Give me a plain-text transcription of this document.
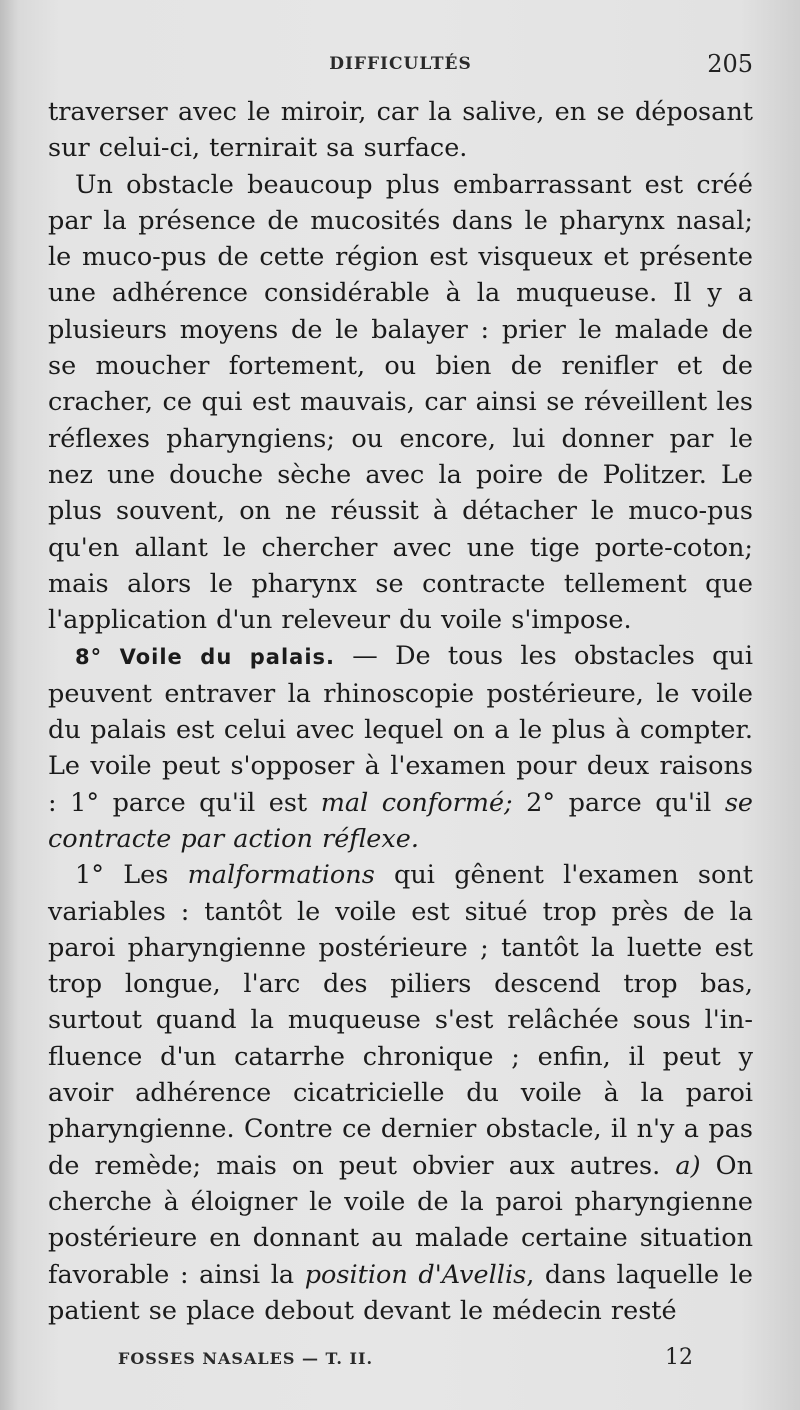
DIFFICULTÉS	205

traverser avec le miroir, car la salive, en se déposant sur celui-ci, ternirait sa surface.

Un obstacle beaucoup plus embarrassant est créé par la présence de mucosités dans le pharynx nasal; le muco-pus de cette région est visqueux et présente une adhérence considérable à la muqueuse. Il y a plusieurs moyens de le balayer : prier le malade de se moucher fortement, ou bien de renifler et de cracher, ce qui est mauvais, car ainsi se réveillent les réflexes pharyngiens; ou encore, lui donner par le nez une douche sèche avec la poire de Politzer. Le plus souvent, on ne réussit à détacher le muco-pus qu'en allant le chercher avec une tige porte-coton; mais alors le pharynx se contracte tellement que l'application d'un releveur du voile s'impose.

8° Voile du palais. — De tous les obstacles qui peuvent entraver la rhinoscopie postérieure, le voile du palais est celui avec lequel on a le plus à compter. Le voile peut s'opposer à l'examen pour deux raisons : 1° parce qu'il est mal conformé; 2° parce qu'il se contracte par action réflexe.

1° Les malformations qui gênent l'examen sont variables : tantôt le voile est situé trop près de la paroi pharyngienne postérieure ; tantôt la luette est trop longue, l'arc des piliers descend trop bas, surtout quand la muqueuse s'est relâchée sous l'influence d'un catarrhe chronique ; enfin, il peut y avoir adhérence cicatricielle du voile à la paroi pharyngienne. Contre ce dernier obstacle, il n'y a pas de remède; mais on peut obvier aux autres. a) On cherche à éloigner le voile de la paroi pharyngienne postérieure en donnant au malade certaine situation favorable : ainsi la position d'Avellis, dans laquelle le patient se place debout devant le médecin resté

FOSSES NASALES — T. II.	12
